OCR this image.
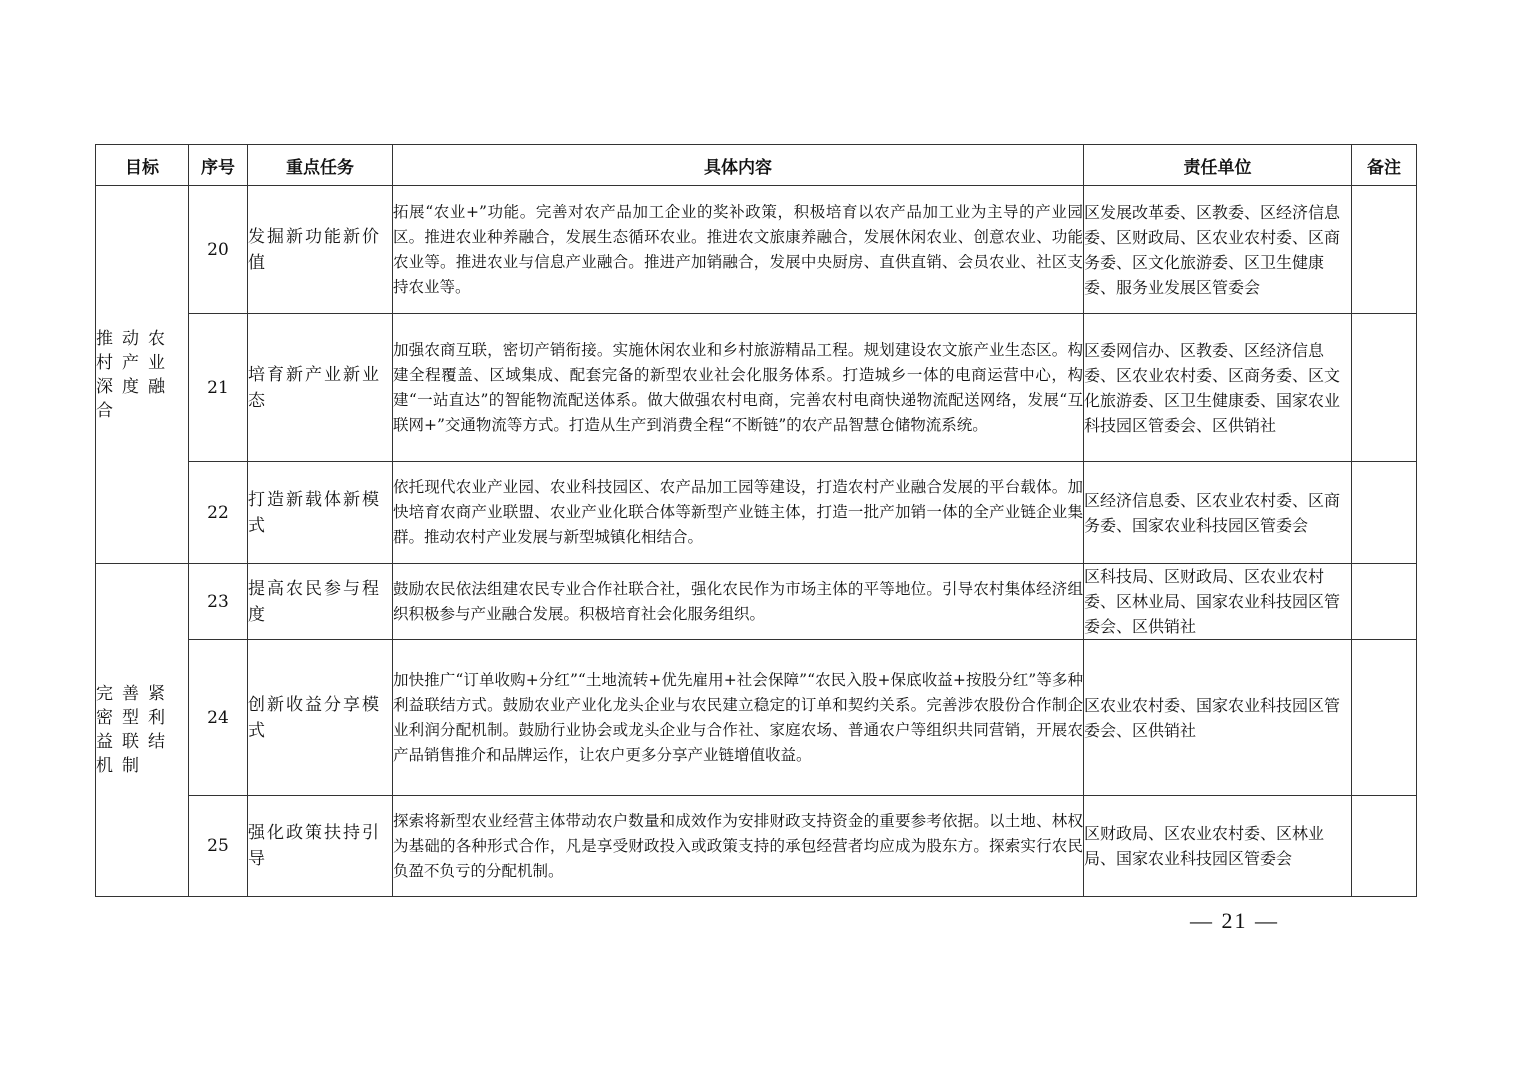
目标	序号	重点任务	具体内容	责任单位	备注
推动农村产业深度融合	20	发掘新功能新价值	拓展“农业+”功能。完善对农产品加工企业的奖补政策，积极培育以农产品加工业为主导的产业园区。推进农业种养融合，发展生态循环农业。推进农文旅康养融合，发展休闲农业、创意农业、功能农业等。推进农业与信息产业融合。推进产加销融合，发展中央厨房、直供直销、会员农业、社区支持农业等。	区发展改革委、区教委、区经济信息委、区财政局、区农业农村委、区商务委、区文化旅游委、区卫生健康委、服务业发展区管委会	
	21	培育新产业新业态	加强农商互联，密切产销衔接。实施休闲农业和乡村旅游精品工程。规划建设农文旅产业生态区。构建全程覆盖、区域集成、配套完备的新型农业社会化服务体系。打造城乡一体的电商运营中心，构建“一站直达”的智能物流配送体系。做大做强农村电商，完善农村电商快递物流配送网络，发展“互联网+”交通物流等方式。打造从生产到消费全程“不断链”的农产品智慧仓储物流系统。	区委网信办、区教委、区经济信息委、区农业农村委、区商务委、区文化旅游委、区卫生健康委、国家农业科技园区管委会、区供销社	
	22	打造新载体新模式	依托现代农业产业园、农业科技园区、农产品加工园等建设，打造农村产业融合发展的平台载体。加快培育农商产业联盟、农业产业化联合体等新型产业链主体，打造一批产加销一体的全产业链企业集群。推动农村产业发展与新型城镇化相结合。	区经济信息委、区农业农村委、区商务委、国家农业科技园区管委会	
完善紧密型利益联结机制	23	提高农民参与程度	鼓励农民依法组建农民专业合作社联合社，强化农民作为市场主体的平等地位。引导农村集体经济组织积极参与产业融合发展。积极培育社会化服务组织。	区科技局、区财政局、区农业农村委、区林业局、国家农业科技园区管委会、区供销社	
	24	创新收益分享模式	加快推广“订单收购+分红”“土地流转+优先雇用+社会保障”“农民入股+保底收益+按股分红”等多种利益联结方式。鼓励农业产业化龙头企业与农民建立稳定的订单和契约关系。完善涉农股份合作制企业利润分配机制。鼓励行业协会或龙头企业与合作社、家庭农场、普通农户等组织共同营销，开展农产品销售推介和品牌运作，让农户更多分享产业链增值收益。	区农业农村委、国家农业科技园区管委会、区供销社	
	25	强化政策扶持引导	探索将新型农业经营主体带动农户数量和成效作为安排财政支持资金的重要参考依据。以土地、林权为基础的各种形式合作，凡是享受财政投入或政策支持的承包经营者均应成为股东方。探索实行农民负盈不负亏的分配机制。	区财政局、区农业农村委、区林业局、国家农业科技园区管委会	
— 21 —
